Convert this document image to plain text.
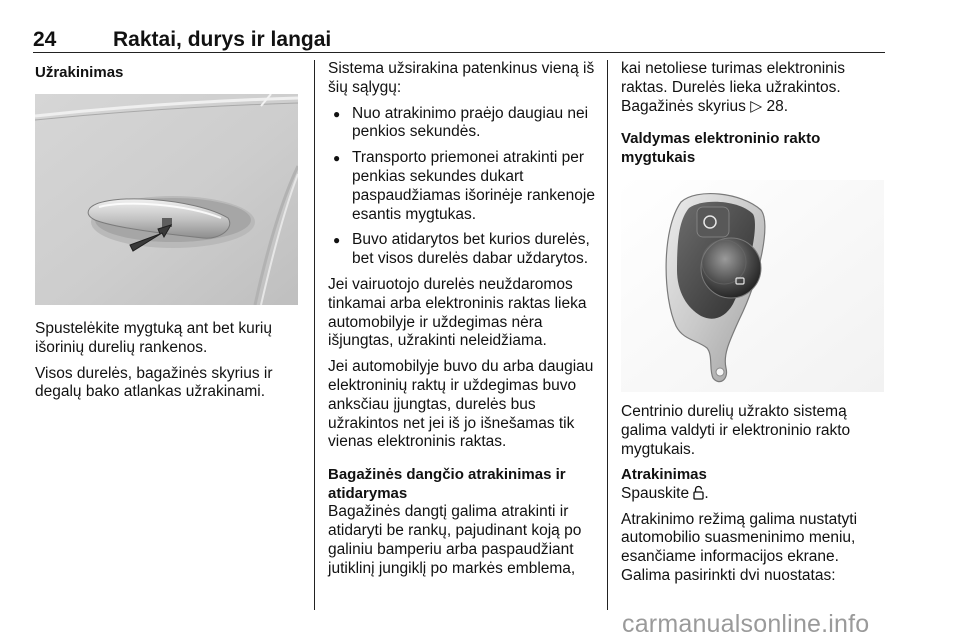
24	Raktai, durys ir langai
Užrakinimas

Spustelėkite mygtuką ant bet kurių išorinių durelių rankenos.

Visos durelės, bagažinės skyrius ir degalų bako atlankas užrakinami.

Sistema užsirakina patenkinus vieną iš šių sąlygų:

● Nuo atrakinimo praėjo daugiau nei penkios sekundės.
● Transporto priemonei atrakinti per penkias sekundes dukart paspaudžiamas išorinėje rankenoje esantis mygtukas.
● Buvo atidarytos bet kurios durelės, bet visos durelės dabar uždarytos.

Jei vairuotojo durelės neuždaromos tinkamai arba elektroninis raktas lieka automobilyje ir uždegimas nėra išjungtas, užrakinti neleidžiama.

Jei automobilyje buvo du arba daugiau elektroninių raktų ir uždegimas buvo anksčiau įjungtas, durelės bus užrakintos net jei iš jo išnešamas tik vienas elektroninis raktas.

Bagažinės dangčio atrakinimas ir atidarymas

Bagažinės dangtį galima atrakinti ir atidaryti be rankų, pajudinant koją po galiniu bamperiu arba paspaudžiant jutiklinį jungiklį po markės emblema,

kai netoliese turimas elektroninis raktas. Durelės lieka užrakintos. Bagažinės skyrius ▷ 28.

Valdymas elektroninio rakto mygtukais

Centrinio durelių užrakto sistemą galima valdyti ir elektroninio rakto mygtukais.

Atrakinimas

Spauskite .

Atrakinimo režimą galima nustatyti automobilio suasmeninimo meniu, esančiame informacijos ekrane. Galima pasirinkti dvi nuostatas:

carmanualsonline.info
